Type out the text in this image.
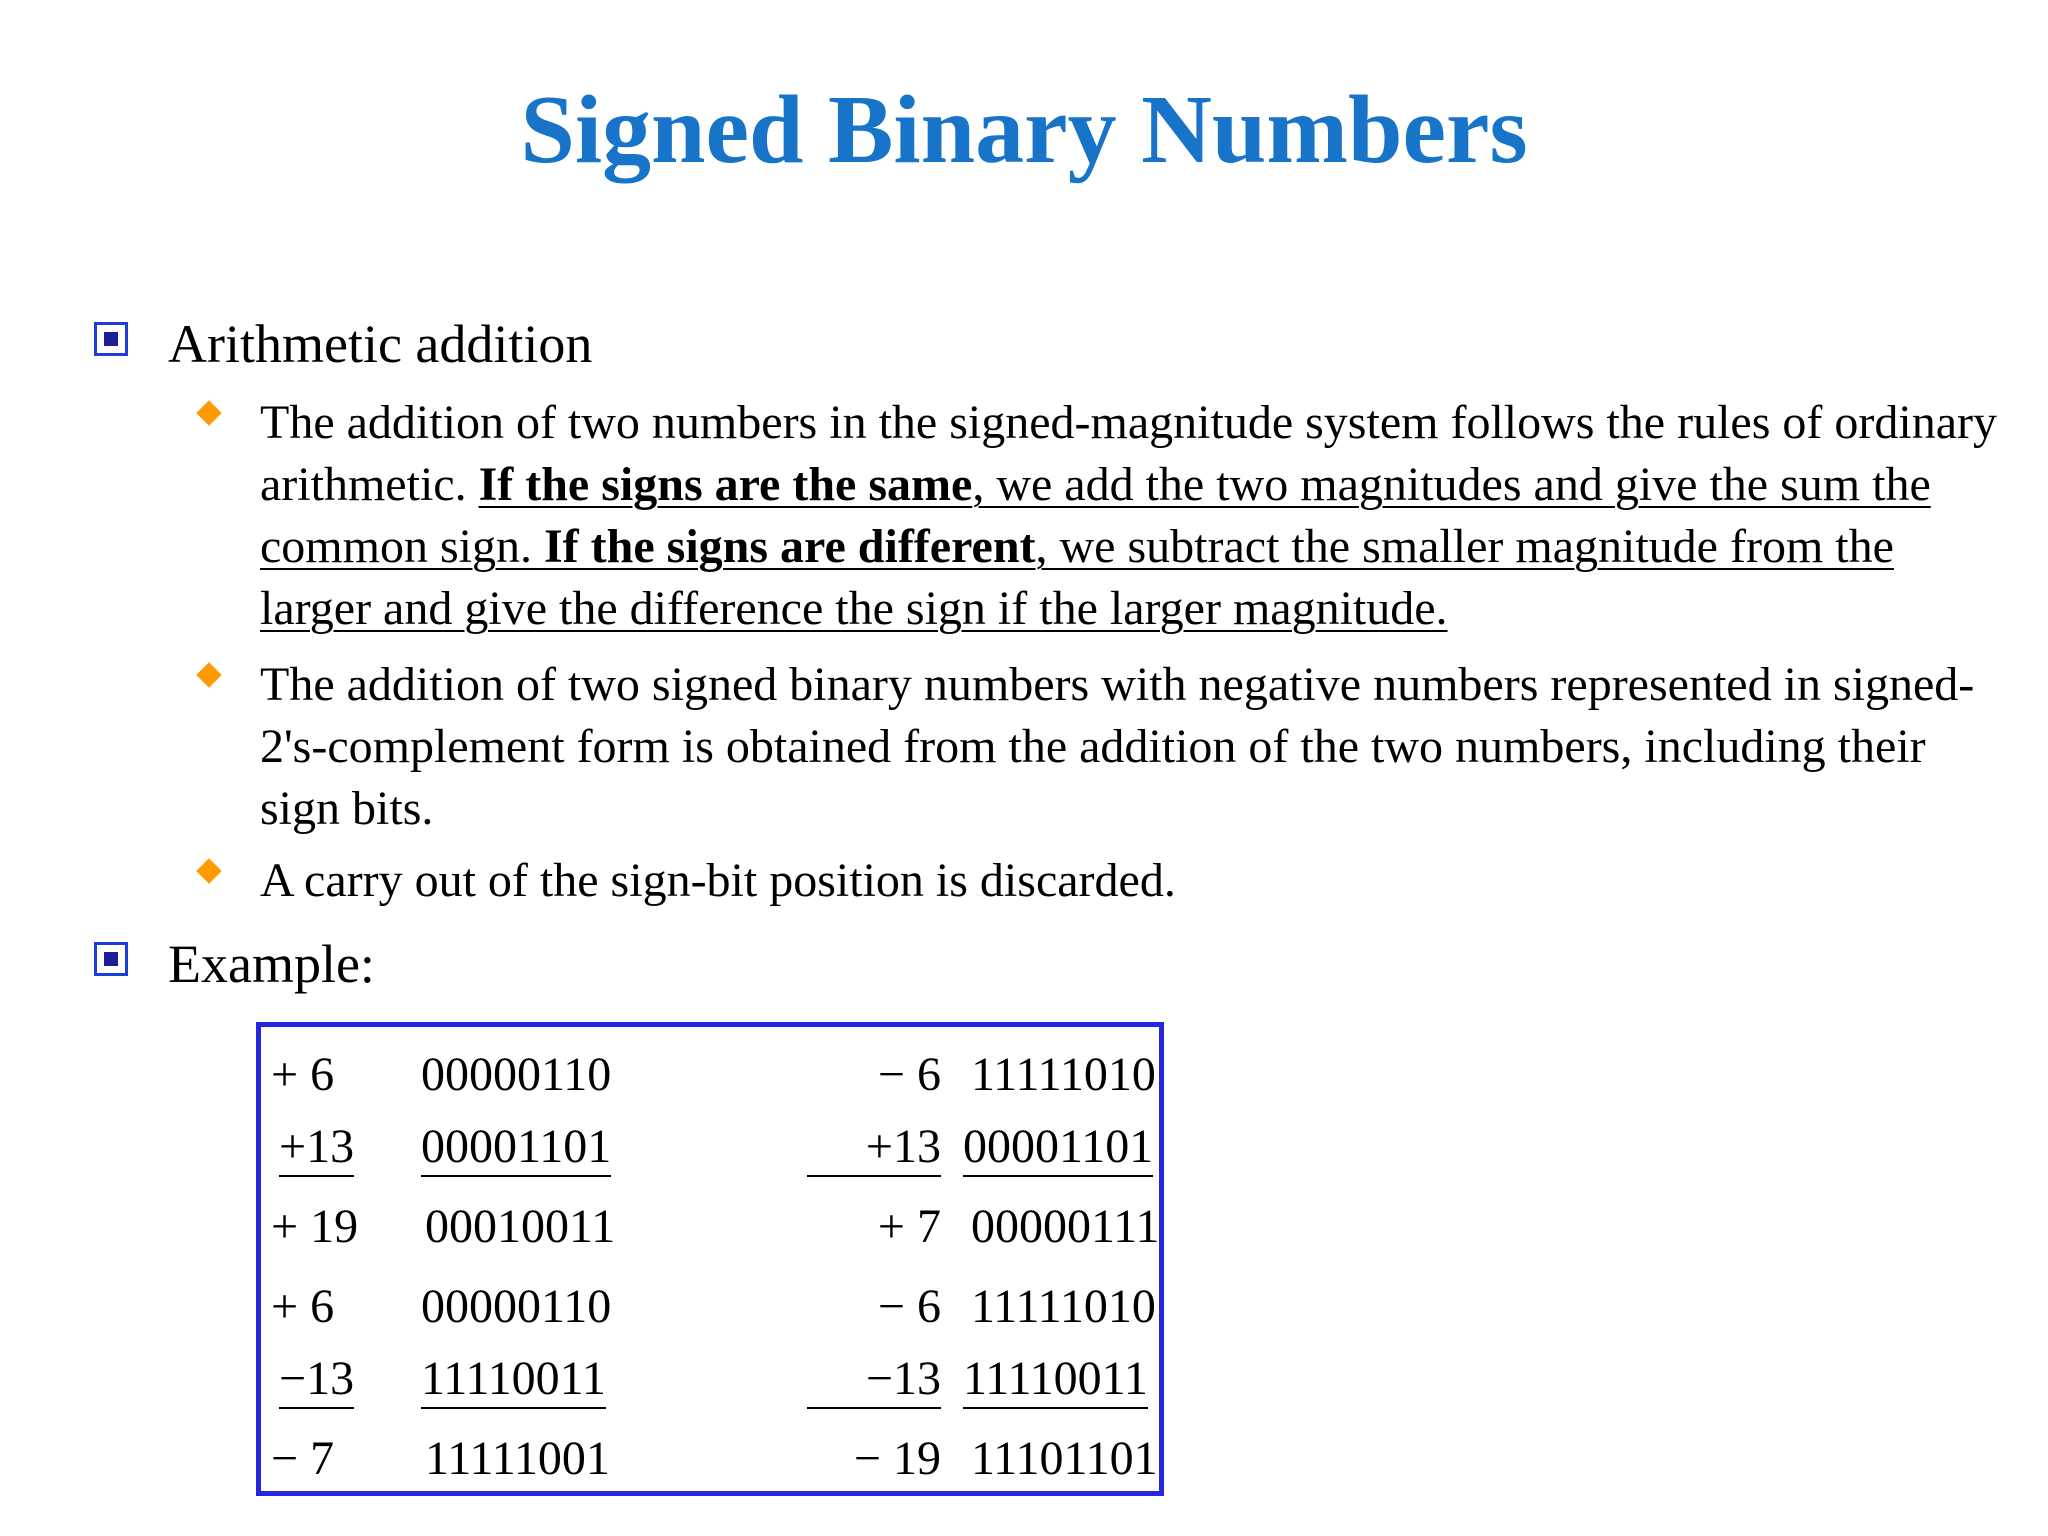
Signed Binary Numbers
Arithmetic addition
The addition of two numbers in the signed-magnitude system follows the rules of ordinary arithmetic. If the signs are the same, we add the two magnitudes and give the sum the common sign. If the signs are different, we subtract the smaller magnitude from the larger and give the difference the sign if the larger magnitude.
The addition of two signed binary numbers with negative numbers represented in signed-2's-complement form is obtained from the addition of the two numbers, including their sign bits.
A carry out of the sign-bit position is discarded.
Example:
+ 6 00000110	− 6 11111010
+13 00001101	+13 00001101
+ 19 00010011	+ 7 00000111
+ 6 00000110	− 6 11111010
−13 11110011	−13 11110011
− 7 11111001	− 19 11101101
